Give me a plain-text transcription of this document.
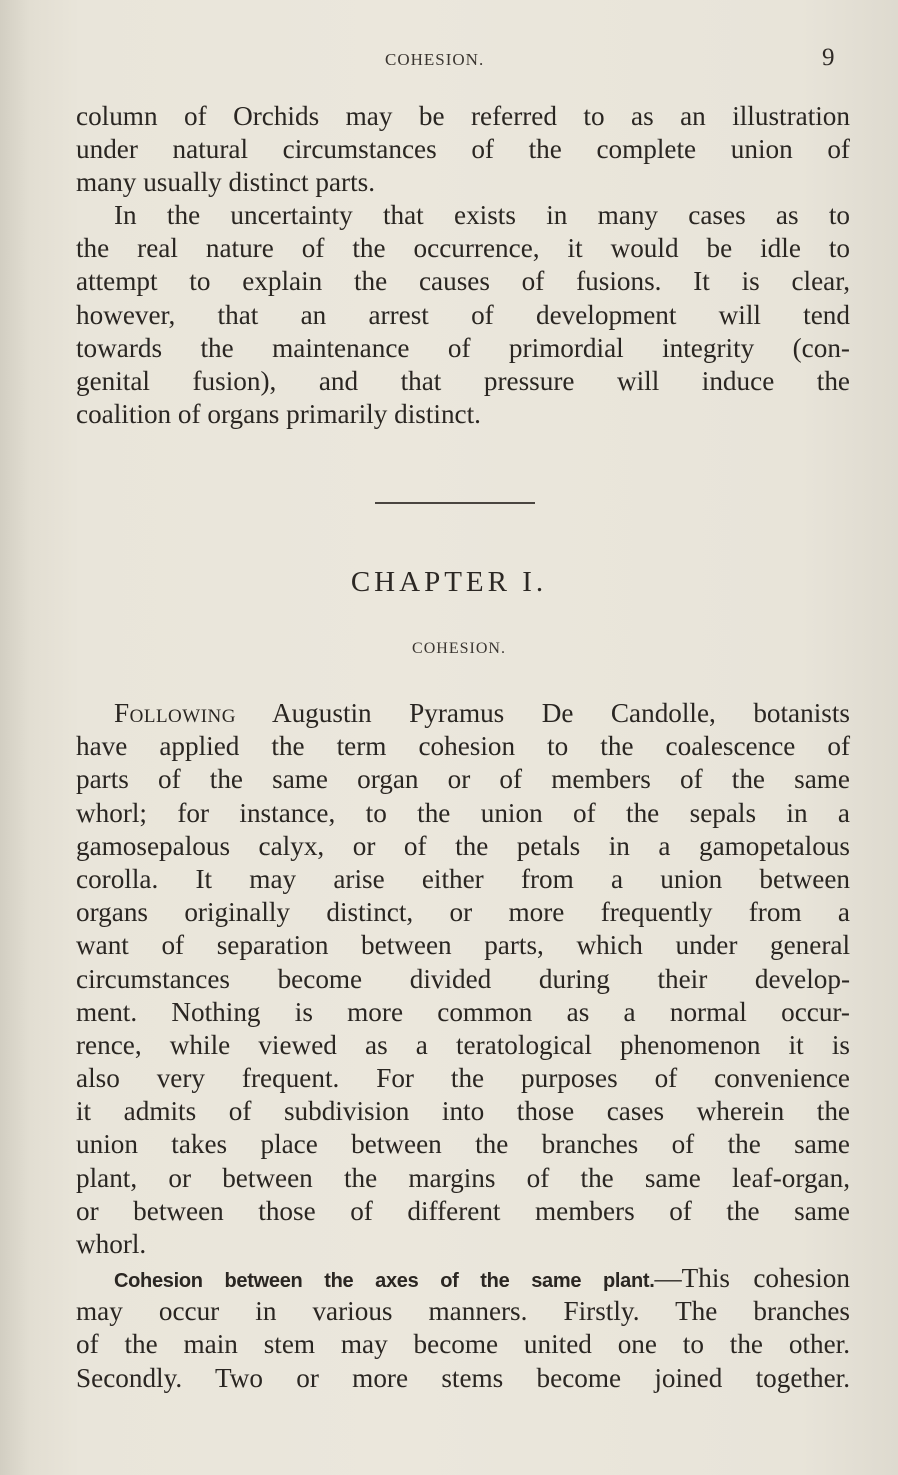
COHESION.	9
column of Orchids may be referred to as an illustration
under natural circumstances of the complete union of
many usually distinct parts.
In the uncertainty that exists in many cases as to
the real nature of the occurrence, it would be idle to
attempt to explain the causes of fusions. It is clear,
however, that an arrest of development will tend
towards the maintenance of primordial integrity (con-
genital fusion), and that pressure will induce the
coalition of organs primarily distinct.
CHAPTER I.
COHESION.
Following Augustin Pyramus De Candolle, botanists
have applied the term cohesion to the coalescence of
parts of the same organ or of members of the same
whorl; for instance, to the union of the sepals in a
gamosepalous calyx, or of the petals in a gamopetalous
corolla. It may arise either from a union between
organs originally distinct, or more frequently from a
want of separation between parts, which under general
circumstances become divided during their develop-
ment. Nothing is more common as a normal occur-
rence, while viewed as a teratological phenomenon it is
also very frequent. For the purposes of convenience
it admits of subdivision into those cases wherein the
union takes place between the branches of the same
plant, or between the margins of the same leaf-organ,
or between those of different members of the same
whorl.
Cohesion between the axes of the same plant.—This cohesion
may occur in various manners. Firstly. The branches
of the main stem may become united one to the other.
Secondly. Two or more stems become joined together.
